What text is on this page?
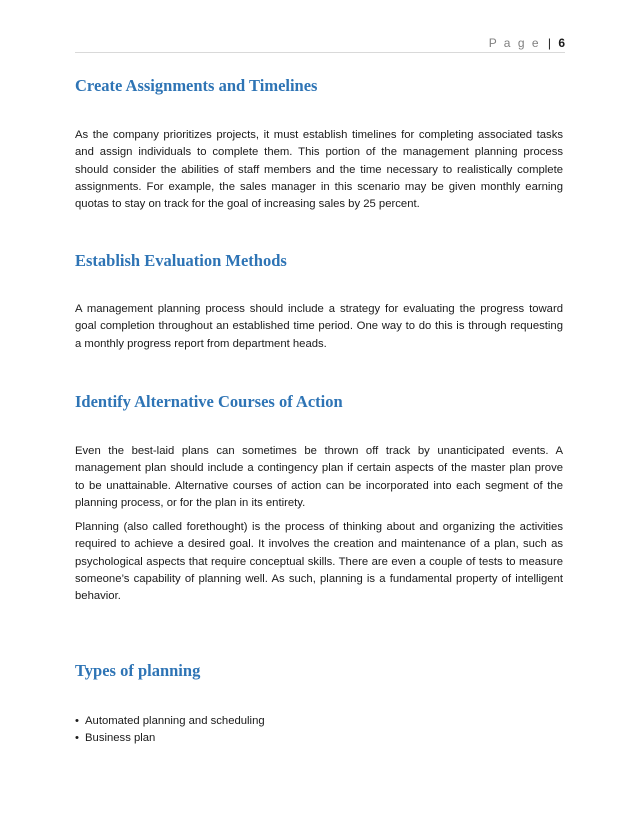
P a g e | 6
Create Assignments and Timelines

As the company prioritizes projects, it must establish timelines for completing associated tasks and assign individuals to complete them. This portion of the management planning process should consider the abilities of staff members and the time necessary to realistically complete assignments. For example, the sales manager in this scenario may be given monthly earning quotas to stay on track for the goal of increasing sales by 25 percent.

Establish Evaluation Methods

A management planning process should include a strategy for evaluating the progress toward goal completion throughout an established time period. One way to do this is through requesting a monthly progress report from department heads.

Identify Alternative Courses of Action

Even the best-laid plans can sometimes be thrown off track by unanticipated events. A management plan should include a contingency plan if certain aspects of the master plan prove to be unattainable. Alternative courses of action can be incorporated into each segment of the planning process, or for the plan in its entirety.

Planning (also called forethought) is the process of thinking about and organizing the activities required to achieve a desired goal. It involves the creation and maintenance of a plan, such as psychological aspects that require conceptual skills. There are even a couple of tests to measure someone’s capability of planning well. As such, planning is a fundamental property of intelligent behavior.

Types of planning
• Automated planning and scheduling
• Business plan
